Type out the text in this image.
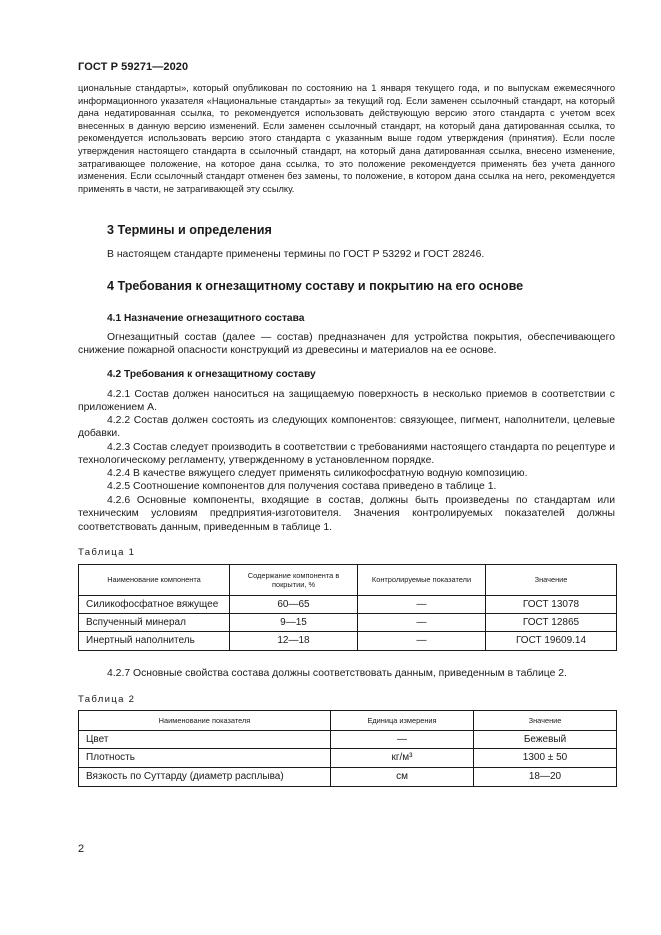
ГОСТ Р 59271—2020

циональные стандарты», который опубликован по состоянию на 1 января текущего года, и по выпускам ежемесячного информационного указателя «Национальные стандарты» за текущий год. Если заменен ссылочный стандарт, на который дана недатированная ссылка, то рекомендуется использовать действующую версию этого стандарта с учетом всех внесенных в данную версию изменений. Если заменен ссылочный стандарт, на который дана датированная ссылка, то рекомендуется использовать версию этого стандарта с указанным выше годом утверждения (принятия). Если после утверждения настоящего стандарта в ссылочный стандарт, на который дана датированная ссылка, внесено изменение, затрагивающее положение, на которое дана ссылка, то это положение рекомендуется применять без учета данного изменения. Если ссылочный стандарт отменен без замены, то положение, в котором дана ссылка на него, рекомендуется применять в части, не затрагивающей эту ссылку.

3 Термины и определения

В настоящем стандарте применены термины по ГОСТ Р 53292 и ГОСТ 28246.

4 Требования к огнезащитному составу и покрытию на его основе
4.1 Назначение огнезащитного состава

Огнезащитный состав (далее — состав) предназначен для устройства покрытия, обеспечивающего снижение пожарной опасности конструкций из древесины и материалов на ее основе.

4.2 Требования к огнезащитному составу

4.2.1 Состав должен наноситься на защищаемую поверхность в несколько приемов в соответствии с приложением А.

4.2.2 Состав должен состоять из следующих компонентов: связующее, пигмент, наполнители, целевые добавки.

4.2.3 Состав следует производить в соответствии с требованиями настоящего стандарта по рецептуре и технологическому регламенту, утвержденному в установленном порядке.

4.2.4 В качестве вяжущего следует применять силикофосфатную водную композицию.

4.2.5 Соотношение компонентов для получения состава приведено в таблице 1.

4.2.6 Основные компоненты, входящие в состав, должны быть произведены по стандартам или техническим условиям предприятия-изготовителя. Значения контролируемых показателей должны соответствовать данным, приведенным в таблице 1.

Таблица 1
Наименование компонента	Содержание компонента в покрытии, %	Контролируемые показатели	Значение
Силикофосфатное вяжущее	60—65	—	ГОСТ 13078
Вспученный минерал	9—15	—	ГОСТ 12865
Инертный наполнитель	12—18	—	ГОСТ 19609.14

4.2.7 Основные свойства состава должны соответствовать данным, приведенным в таблице 2.

Таблица 2
Наименование показателя	Единица измерения	Значение
Цвет	—	Бежевый
Плотность	кг/м³	1300 ± 50
Вязкость по Суттарду (диаметр расплыва)	см	18—20
2
